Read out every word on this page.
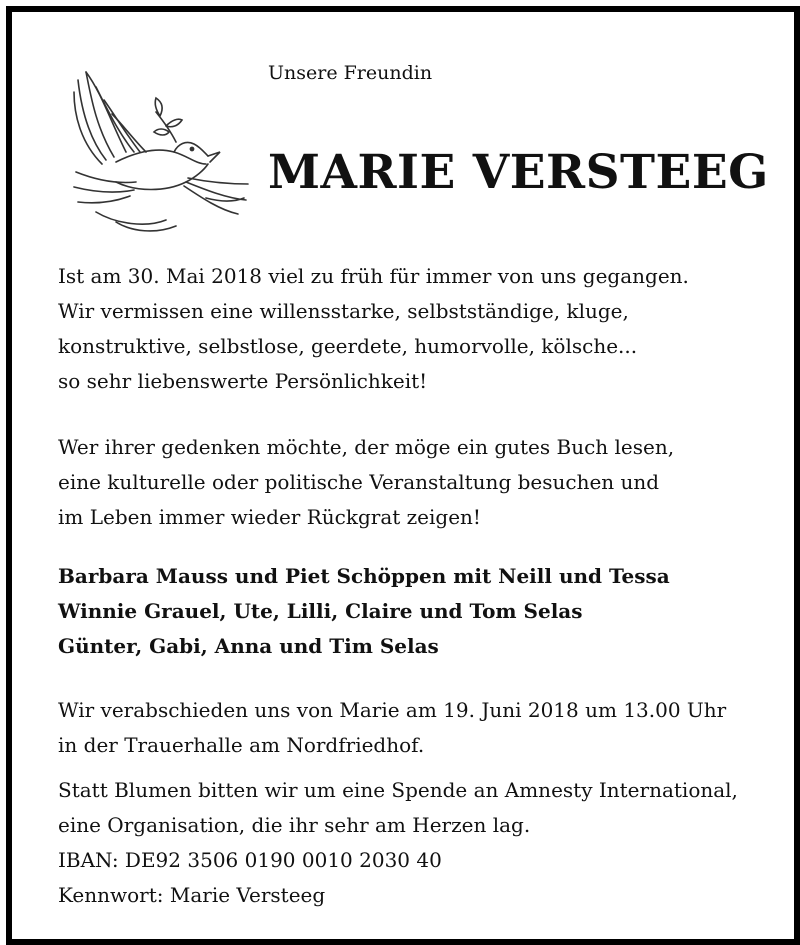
Unsere Freundin
MARIE VERSTEEG
Ist am 30. Mai 2018 viel zu früh für immer von uns gegangen.
Wir vermissen eine willensstarke, selbstständige, kluge,
konstruktive, selbstlose, geerdete, humorvolle, kölsche...
so sehr liebenswerte Persönlichkeit!
Wer ihrer gedenken möchte, der möge ein gutes Buch lesen,
eine kulturelle oder politische Veranstaltung besuchen und
im Leben immer wieder Rückgrat zeigen!
Barbara Mauss und Piet Schöppen mit Neill und Tessa
Winnie Grauel, Ute, Lilli, Claire und Tom Selas
Günter, Gabi, Anna und Tim Selas
Wir verabschieden uns von Marie am 19. Juni 2018 um 13.00 Uhr
in der Trauerhalle am Nordfriedhof.
Statt Blumen bitten wir um eine Spende an Amnesty International,
eine Organisation, die ihr sehr am Herzen lag.
IBAN: DE92 3506 0190 0010 2030 40
Kennwort: Marie Versteeg
